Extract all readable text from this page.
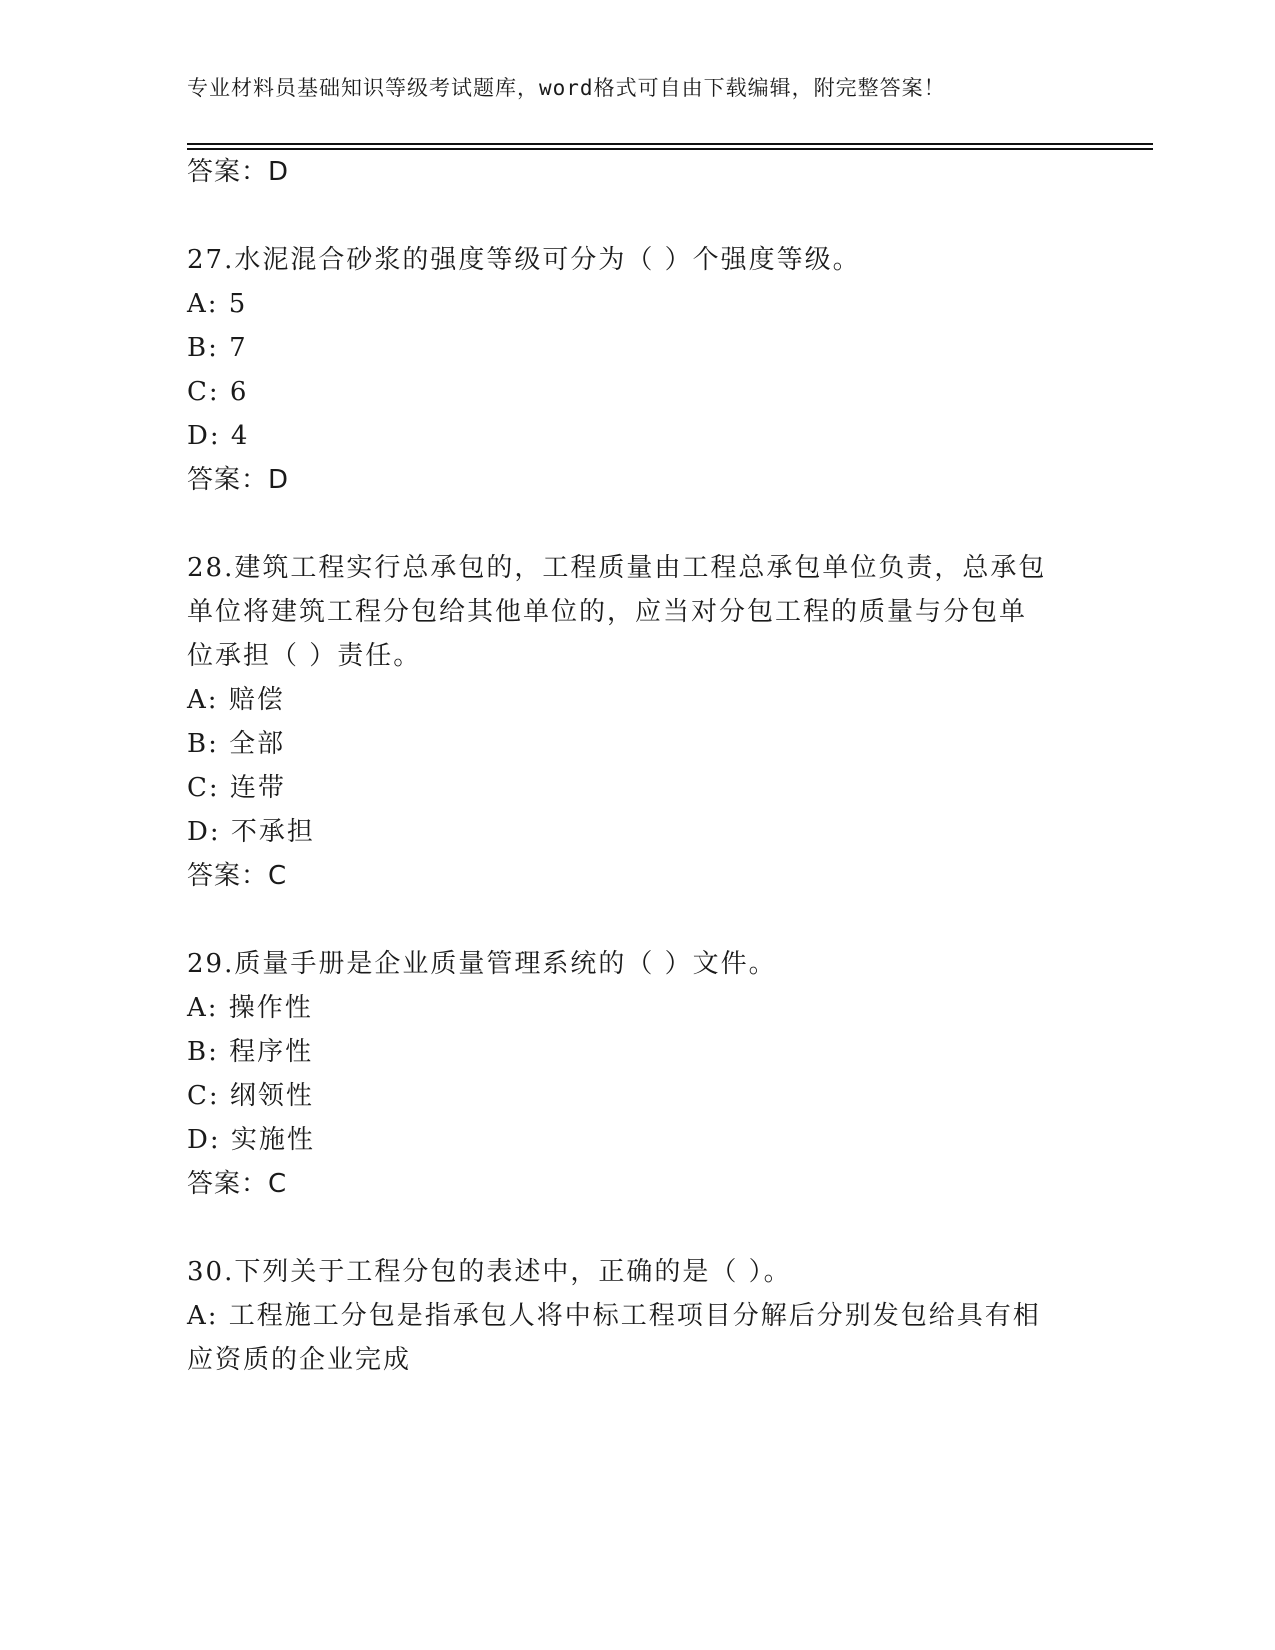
专业材料员基础知识等级考试题库，word格式可自由下载编辑，附完整答案！
答案：D
27.水泥混合砂浆的强度等级可分为（ ）个强度等级。
A: 5
B: 7
C: 6
D: 4
答案：D
28.建筑工程实行总承包的，工程质量由工程总承包单位负责，总承包
单位将建筑工程分包给其他单位的，应当对分包工程的质量与分包单
位承担（ ）责任。
A: 赔偿
B: 全部
C: 连带
D: 不承担
答案：C
29.质量手册是企业质量管理系统的（ ）文件。
A: 操作性
B: 程序性
C: 纲领性
D: 实施性
答案：C
30.下列关于工程分包的表述中，正确的是（ ）。
A: 工程施工分包是指承包人将中标工程项目分解后分别发包给具有相
应资质的企业完成
